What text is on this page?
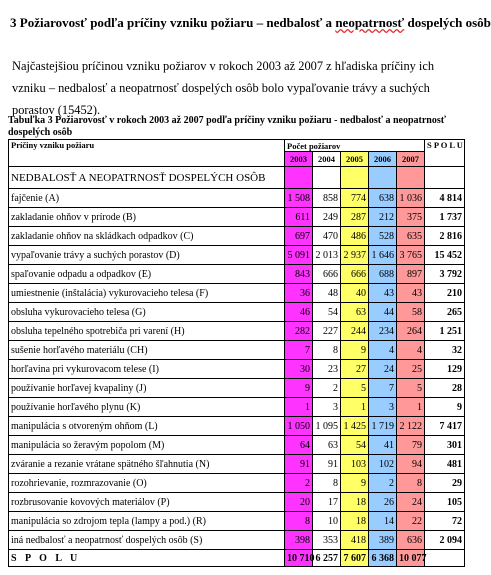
3 Požiarovosť podľa príčiny vzniku požiaru – nedbalosť a neopatrnosť dospelých osôb
Najčastejšiou príčinou vzniku požiarov v rokoch 2003 až 2007 z hľadiska príčiny ich vzniku – nedbalosť a neopatrnosť dospelých osôb bolo vypaľovanie trávy a suchých porastov (15452).
Tabuľka 3 Požiarovosť v rokoch 2003 až 2007 podľa príčiny vzniku požiaru - nedbalosť a neopatrnosť dospelých osôb
Príčiny vzniku požiaru	Počet požiarov					S P O L U
	2003	2004	2005	2006	2007	
NEDBALOSŤ A NEOPATRNOSŤ DOSPELÝCH OSÔB						
fajčenie (A)	1 508	858	774	638	1 036	4 814
zakladanie ohňov v prírode (B)	611	249	287	212	375	1 737
zakladanie ohňov na skládkach odpadkov (C)	697	470	486	528	635	2 816
vypaľovanie trávy a suchých porastov (D)	5 091	2 013	2 937	1 646	3 765	15 452
spaľovanie odpadu a odpadkov (E)	843	666	666	688	897	3 792
umiestnenie (inštalácia) vykurovacieho telesa (F)	36	48	40	43	43	210
obsluha vykurovacieho telesa (G)	46	54	63	44	58	265
obsluha tepelného spotrebiča pri varení (H)	282	227	244	234	264	1 251
sušenie horľavého materiálu (CH)	7	8	9	4	4	32
horľavina pri vykurovacom telese (I)	30	23	27	24	25	129
používanie horľavej kvapaliny (J)	9	2	5	7	5	28
používanie horľavého plynu (K)	1	3	1	3	1	9
manipulácia s otvoreným ohňom (L)	1 050	1 095	1 425	1 719	2 122	7 417
manipulácia so žeravým popolom (M)	64	63	54	41	79	301
zváranie a rezanie vrátane spätného šľahnutia (N)	91	91	103	102	94	481
rozohrievanie, rozmrazovanie (O)	2	8	9	2	8	29
rozbrusovanie kovových materiálov (P)	20	17	18	26	24	105
manipulácia so zdrojom tepla (lampy a pod.) (R)	8	10	18	14	22	72
iná nedbalosť a neopatrnosť dospelých osôb (S)	398	353	418	389	636	2 094
S P O L U	10 710	6 257	7 607	6 368	10 077	
